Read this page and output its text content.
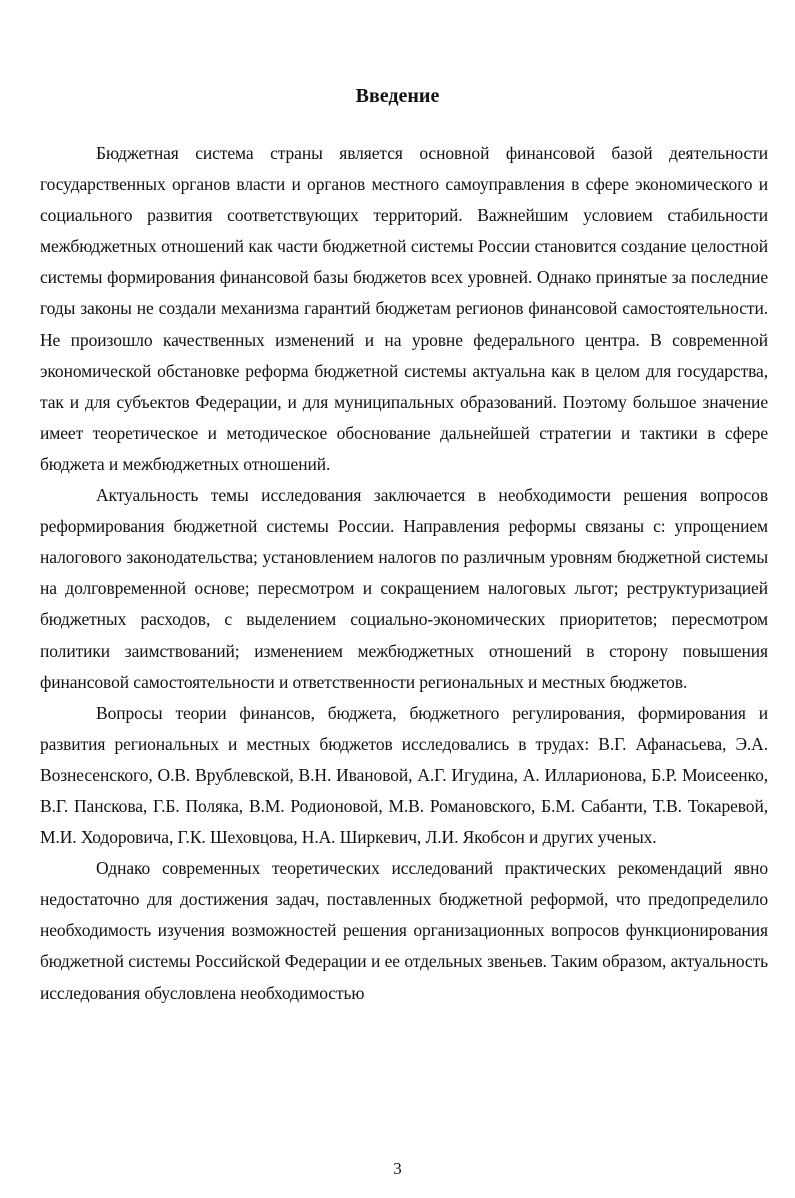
Введение

Бюджетная система страны является основной финансовой базой деятельности государственных органов власти и органов местного самоуправления в сфере экономического и социального развития соответствующих территорий. Важнейшим условием стабильности межбюджетных отношений как части бюджетной системы России становится создание целостной системы формирования финансовой базы бюджетов всех уровней. Однако принятые за последние годы законы не создали механизма гарантий бюджетам регионов финансовой самостоятельности. Не произошло качественных изменений и на уровне федерального центра. В современной экономической обстановке реформа бюджетной системы актуальна как в целом для государства, так и для субъектов Федерации, и для муниципальных образований. Поэтому большое значение имеет теоретическое и методическое обоснование дальнейшей стратегии и тактики в сфере бюджета и межбюджетных отношений.

Актуальность темы исследования заключается в необходимости решения вопросов реформирования бюджетной системы России. Направления реформы связаны с: упрощением налогового законодательства; установлением налогов по различным уровням бюджетной системы на долговременной основе; пересмотром и сокращением налоговых льгот; реструктуризацией бюджетных расходов, с выделением социально-экономических приоритетов; пересмотром политики заимствований; изменением межбюджетных отношений в сторону повышения финансовой самостоятельности и ответственности региональных и местных бюджетов.

Вопросы теории финансов, бюджета, бюджетного регулирования, формирования и развития региональных и местных бюджетов исследовались в трудах: В.Г. Афанасьева, Э.А. Вознесенского, О.В. Врублевской, В.Н. Ивановой, А.Г. Игудина, А. Илларионова, Б.Р. Моисеенко, В.Г. Панскова, Г.Б. Поляка, В.М. Родионовой, М.В. Романовского, Б.М. Сабанти, Т.В. Токаревой, М.И. Ходоровича, Г.К. Шеховцова, Н.А. Ширкевич, Л.И. Якобсон и других ученых.

Однако современных теоретических исследований практических рекомендаций явно недостаточно для достижения задач, поставленных бюджетной реформой, что предопределило необходимость изучения возможностей решения организационных вопросов функционирования бюджетной системы Российской Федерации и ее отдельных звеньев. Таким образом, актуальность исследования обусловлена необходимостью

3
